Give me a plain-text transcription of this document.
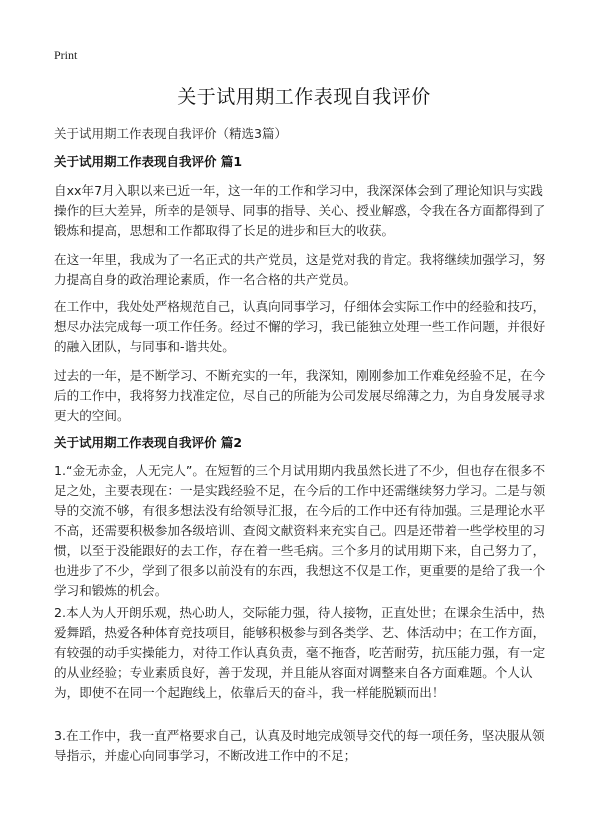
Print
关于试用期工作表现自我评价
关于试用期工作表现自我评价（精选3篇）
关于试用期工作表现自我评价 篇1
自xx年7月入职以来已近一年，这一年的工作和学习中，我深深体会到了理论知识与实践操作的巨大差异，所幸的是领导、同事的指导、关心、授业解惑，令我在各方面都得到了锻炼和提高，思想和工作都取得了长足的进步和巨大的收获。
在这一年里，我成为了一名正式的共产党员，这是党对我的肯定。我将继续加强学习，努力提高自身的政治理论素质，作一名合格的共产党员。
在工作中，我处处严格规范自己，认真向同事学习，仔细体会实际工作中的经验和技巧，想尽办法完成每一项工作任务。经过不懈的学习，我已能独立处理一些工作问题，并很好的融入团队，与同事和-谐共处。
过去的一年，是不断学习、不断充实的一年，我深知，刚刚参加工作难免经验不足，在今后的工作中，我将努力找准定位，尽自己的所能为公司发展尽绵薄之力，为自身发展寻求更大的空间。
关于试用期工作表现自我评价 篇2
1.“金无赤金，人无完人”。在短暂的三个月试用期内我虽然长进了不少，但也存在很多不足之处，主要表现在：一是实践经验不足，在今后的工作中还需继续努力学习。二是与领导的交流不够，有很多想法没有给领导汇报，在今后的工作中还有待加强。三是理论水平不高，还需要积极参加各级培训、查阅文献资料来充实自己。四是还带着一些学校里的习惯，以至于没能跟好的去工作，存在着一些毛病。三个多月的试用期下来，自己努力了，也进步了不少，学到了很多以前没有的东西，我想这不仅是工作，更重要的是给了我一个学习和锻炼的机会。
2.本人为人开朗乐观，热心助人，交际能力强，待人接物，正直处世；在课余生活中，热爱舞蹈，热爱各种体育竞技项目，能够积极参与到各类学、艺、体活动中；在工作方面，有较强的动手实操能力，对待工作认真负责，毫不拖沓，吃苦耐劳，抗压能力强，有一定的从业经验；专业素质良好，善于发现，并且能从容面对调整来自各方面难题。个人认为，即使不在同一个起跑线上，依靠后天的奋斗，我一样能脱颖而出！
3.在工作中，我一直严格要求自己，认真及时地完成领导交代的每一项任务，坚决服从领导指示，并虚心向同事学习，不断改进工作中的不足；
